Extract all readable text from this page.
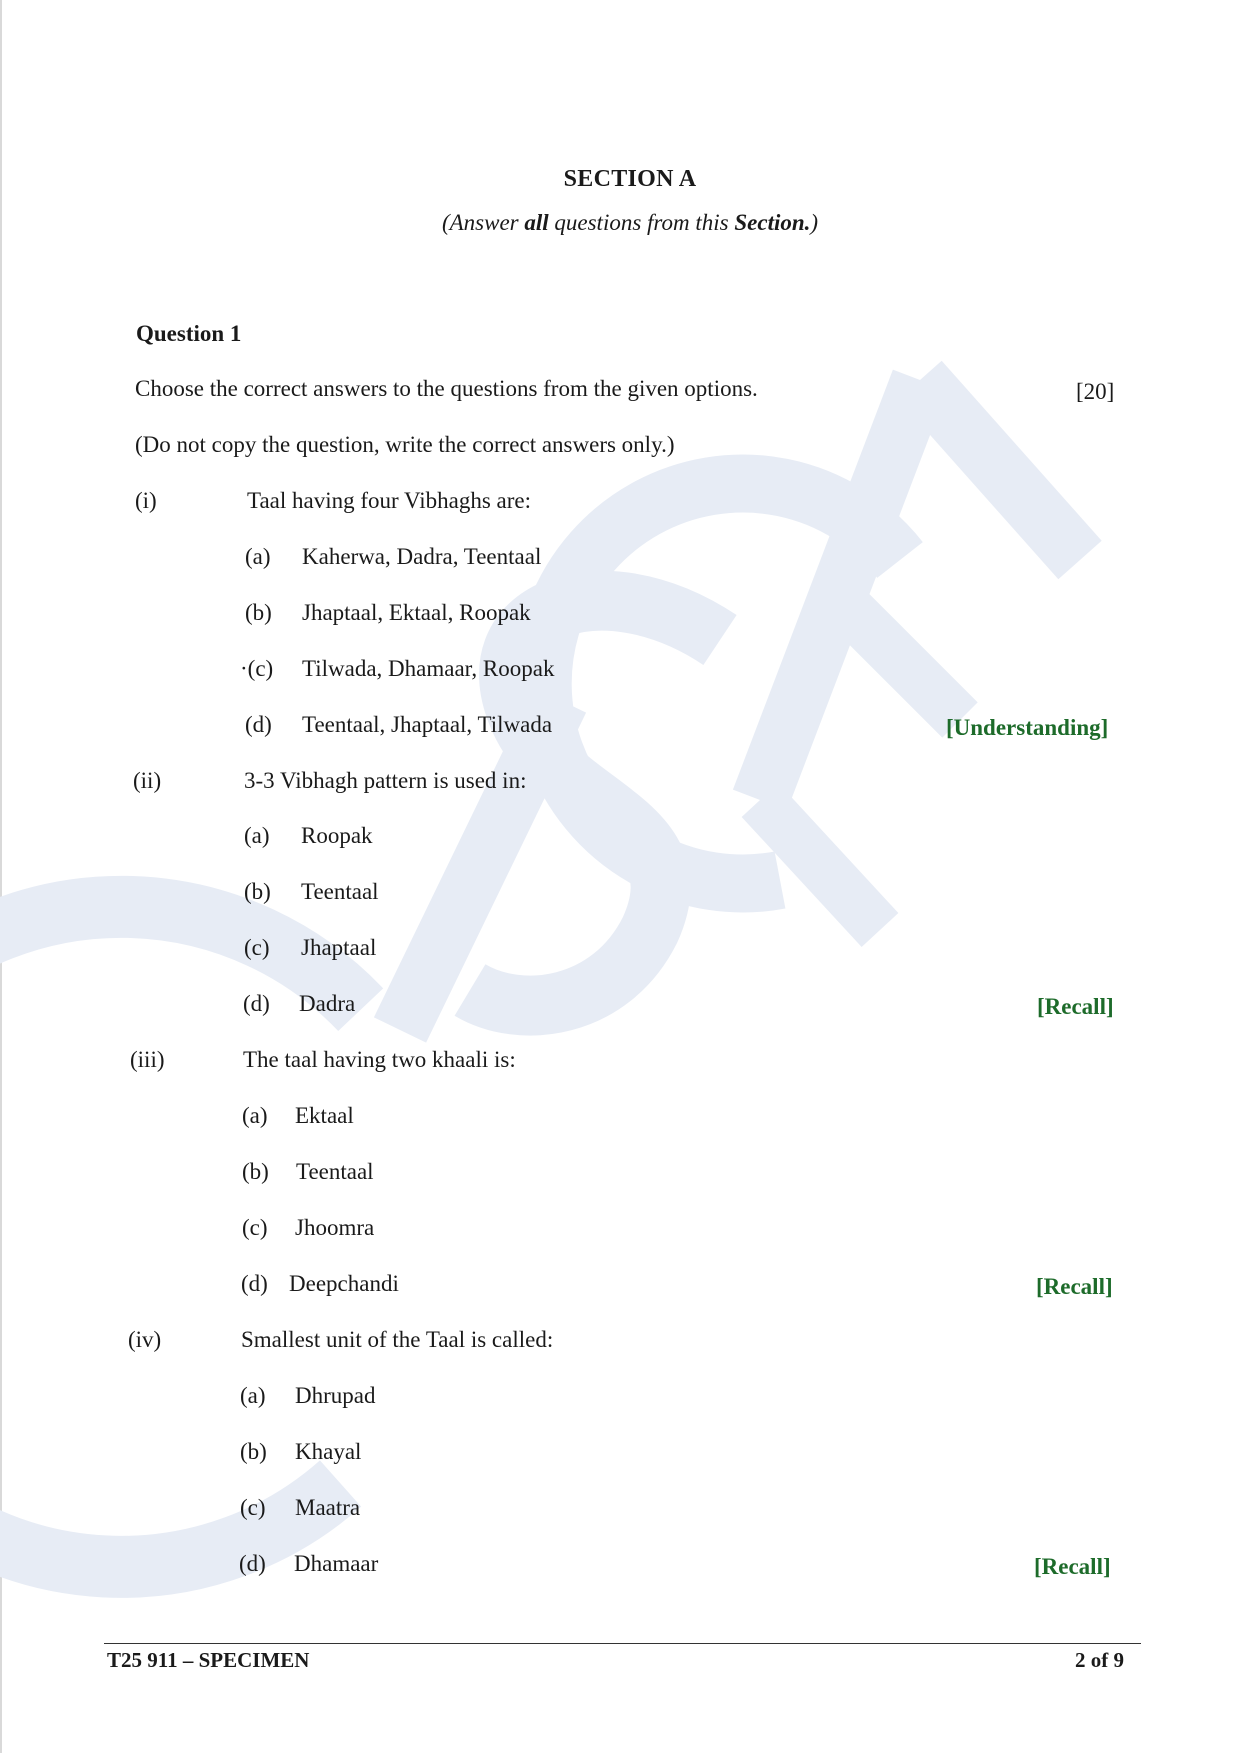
SECTION A
(Answer all questions from this Section.)
Question 1
Choose the correct answers to the questions from the given options.	[20]
(Do not copy the question, write the correct answers only.)
(i)	Taal having four Vibhaghs are:
(a) Kaherwa, Dadra, Teentaal
(b) Jhaptaal, Ektaal, Roopak
·(c) Tilwada, Dhamaar, Roopak
(d) Teentaal, Jhaptaal, Tilwada	[Understanding]
(ii)	3-3 Vibhagh pattern is used in:
(a) Roopak
(b) Teentaal
(c) Jhaptaal
(d) Dadra	[Recall]
(iii)	The taal having two khaali is:
(a) Ektaal
(b) Teentaal
(c) Jhoomra
(d) Deepchandi	[Recall]
(iv)	Smallest unit of the Taal is called:
(a) Dhrupad
(b) Khayal
(c) Maatra
(d) Dhamaar	[Recall]
T25 911 – SPECIMEN	2 of 9
